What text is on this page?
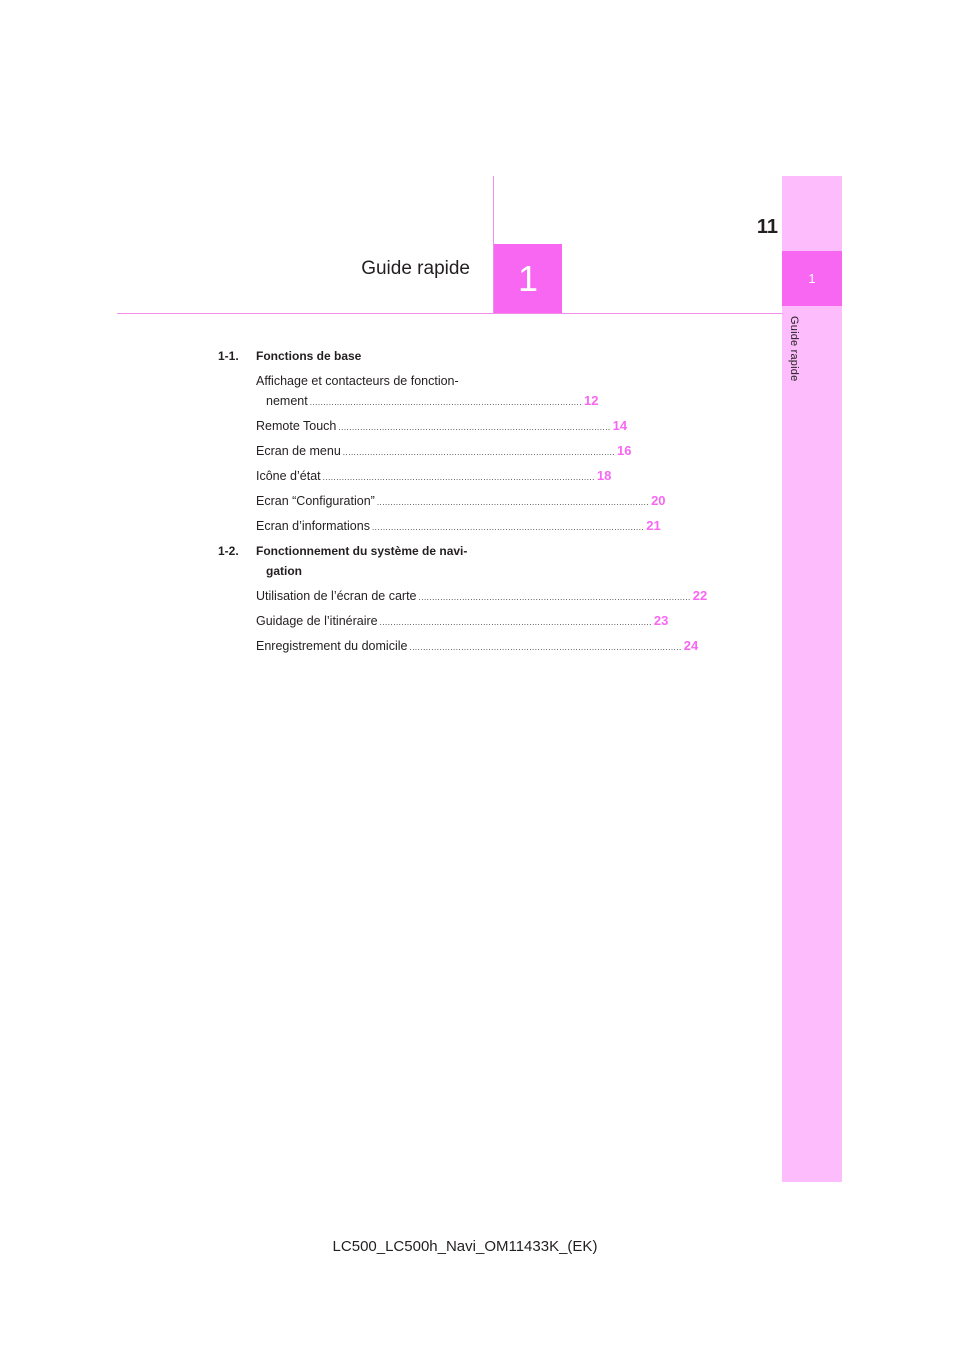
1
Guide rapide
11
1
Guide rapide
1-1. Fonctions de base
Affichage et contacteurs de fonction-
nement .................................................................................................... 12
Remote Touch .................................................................................................... 14
Ecran de menu .................................................................................................... 16
Icône d’état .................................................................................................... 18
Ecran “Configuration” .................................................................................................... 20
Ecran d’informations .................................................................................................... 21
1-2. Fonctionnement du système de navi-
gation
Utilisation de l’écran de carte .................................................................................................... 22
Guidage de l’itinéraire .................................................................................................... 23
Enregistrement du domicile .................................................................................................... 24
LC500_LC500h_Navi_OM11433K_(EK)
